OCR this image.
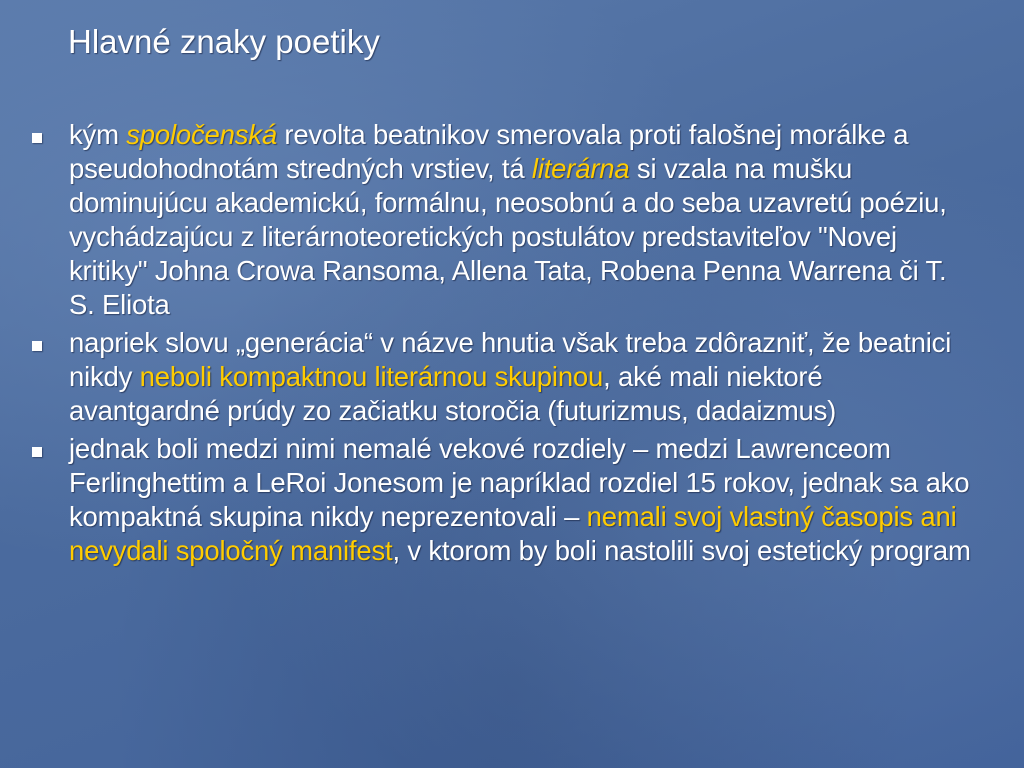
Hlavné znaky poetiky
kým spoločenská revolta beatnikov smerovala proti falošnej morálke a pseudohodnotám stredných vrstiev, tá literárna si vzala na mušku dominujúcu akademickú, formálnu, neosobnú a do seba uzavretú poéziu, vychádzajúcu z literárnoteoretických postulátov predstaviteľov "Novej kritiky" Johna Crowa Ransoma, Allena Tata, Robena Penna Warrena či T. S. Eliota
napriek slovu „generácia“ v názve hnutia však treba zdôrazniť, že beatnici nikdy neboli kompaktnou literárnou skupinou, aké mali niektoré avantgardné prúdy zo začiatku storočia (futurizmus, dadaizmus)
jednak boli medzi nimi nemalé vekové rozdiely – medzi Lawrenceom Ferlinghettim a LeRoi Jonesom je napríklad rozdiel 15 rokov, jednak sa ako kompaktná skupina nikdy neprezentovali – nemali svoj vlastný časopis ani nevydali spoločný manifest, v ktorom by boli nastolili svoj estetický program
